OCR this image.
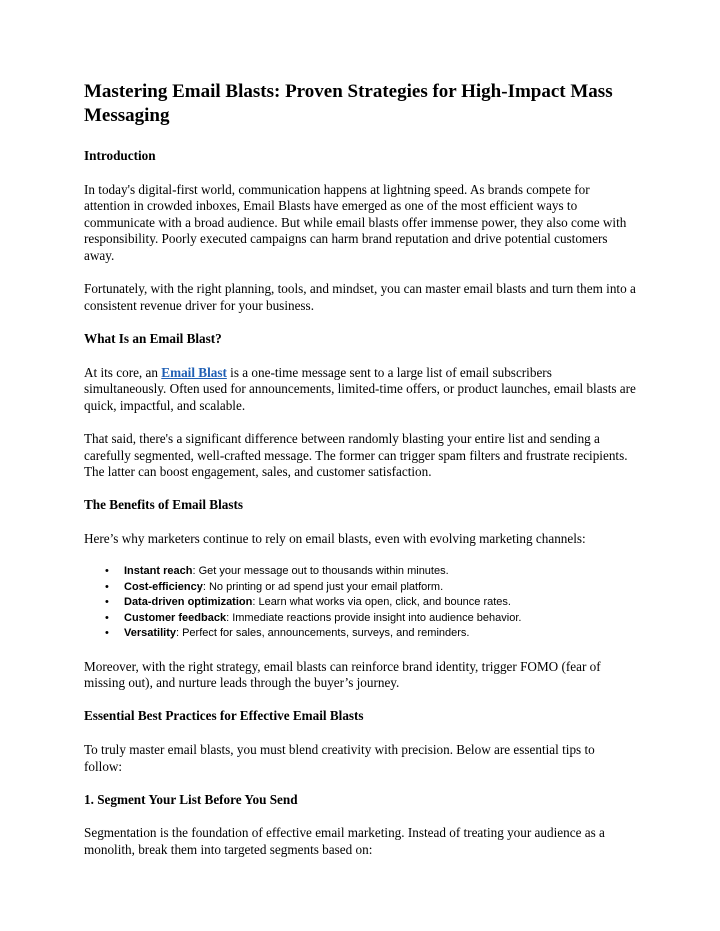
Mastering Email Blasts: Proven Strategies for High-Impact Mass Messaging
Introduction

In today's digital-first world, communication happens at lightning speed. As brands compete for attention in crowded inboxes, Email Blasts have emerged as one of the most efficient ways to communicate with a broad audience. But while email blasts offer immense power, they also come with responsibility. Poorly executed campaigns can harm brand reputation and drive potential customers away.

Fortunately, with the right planning, tools, and mindset, you can master email blasts and turn them into a consistent revenue driver for your business.

What Is an Email Blast?

At its core, an Email Blast is a one-time message sent to a large list of email subscribers simultaneously. Often used for announcements, limited-time offers, or product launches, email blasts are quick, impactful, and scalable.

That said, there's a significant difference between randomly blasting your entire list and sending a carefully segmented, well-crafted message. The former can trigger spam filters and frustrate recipients. The latter can boost engagement, sales, and customer satisfaction.

The Benefits of Email Blasts

Here’s why marketers continue to rely on email blasts, even with evolving marketing channels:

• Instant reach: Get your message out to thousands within minutes.
• Cost-efficiency: No printing or ad spend just your email platform.
• Data-driven optimization: Learn what works via open, click, and bounce rates.
• Customer feedback: Immediate reactions provide insight into audience behavior.
• Versatility: Perfect for sales, announcements, surveys, and reminders.

Moreover, with the right strategy, email blasts can reinforce brand identity, trigger FOMO (fear of missing out), and nurture leads through the buyer’s journey.

Essential Best Practices for Effective Email Blasts

To truly master email blasts, you must blend creativity with precision. Below are essential tips to follow:

1. Segment Your List Before You Send

Segmentation is the foundation of effective email marketing. Instead of treating your audience as a monolith, break them into targeted segments based on:
